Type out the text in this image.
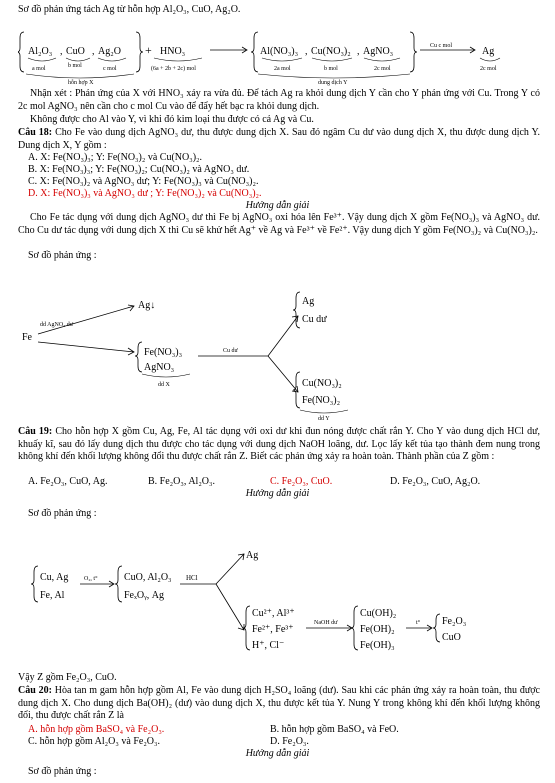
Sơ đồ phản ứng tách Ag từ hỗn hợp Al₂O₃, CuO, Ag₂O.

Al₂O₃ , CuO , Ag₂O
a mol	b mol	c mol
hỗn hợp X
+ HNO₃
(6a + 2b + 2c) mol
Al(NO₃)₃ , Cu(NO₃)₂ , AgNO₃
2a mol	b mol	2c mol
dung dịch Y
Cu c mol	Ag
2c mol

Nhận xét : Phản ứng của X với HNO₃ xảy ra vừa đủ. Để tách Ag ra khỏi dung dịch Y cần cho Y phản ứng với Cu. Trong Y có 2c mol AgNO₃ nên cần cho c mol Cu vào để đẩy hết bạc ra khỏi dung dịch.

Không được cho Al vào Y, vì khi đó kim loại thu được có cả Ag và Cu.

Câu 18: Cho Fe vào dung dịch AgNO₃ dư, thu được dung dịch X. Sau đó ngâm Cu dư vào dung dịch X, thu được dung dịch Y. Dung dịch X, Y gồm :

A. X: Fe(NO₃)₃; Y: Fe(NO₃)₂ và Cu(NO₃)₂.

B. X: Fe(NO₃)₃; Y: Fe(NO₃)₂; Cu(NO₃)₂ và AgNO₃ dư.

C. X: Fe(NO₃)₂ và AgNO₃ dư; Y: Fe(NO₃)₃ và Cu(NO₃)₂.

D. X: Fe(NO₃)₃ và AgNO₃ dư ; Y: Fe(NO₃)₂ và Cu(NO₃)₂.

Hướng dẫn giải

Cho Fe tác dụng với dung dịch AgNO₃ dư thì Fe bị AgNO₃ oxi hóa lên Fe³⁺. Vậy dung dịch X gồm Fe(NO₃)₃ và AgNO₃ dư. Cho Cu dư tác dụng với dung dịch X thì Cu sẽ khử hết Ag⁺ về Ag và Fe³⁺ về Fe²⁺. Vậy dung dịch Y gồm Fe(NO₃)₂ và Cu(NO₃)₂.

Sơ đồ phản ứng :

Fe
dd AgNO₃ dư
Ag↓
Fe(NO₃)₃
AgNO₃
dd X
Cu dư
Ag
Cu dư
Cu(NO₃)₂
Fe(NO₃)₂
dd Y

Câu 19: Cho hỗn hợp X gồm Cu, Ag, Fe, Al tác dụng với oxi dư khi đun nóng được chất rắn Y. Cho Y vào dung dịch HCl dư, khuấy kĩ, sau đó lấy dung dịch thu được cho tác dụng với dung dịch NaOH loãng, dư. Lọc lấy kết tủa tạo thành đem nung trong không khí đến khối lượng không đổi thu được chất rắn Z. Biết các phản ứng xảy ra hoàn toàn. Thành phần của Z gồm :

A. Fe₂O₃, CuO, Ag.	B. Fe₂O₃, Al₂O₃.	C. Fe₂O₃, CuO.	D. Fe₂O₃, CuO, Ag₂O.

Hướng dẫn giải

Sơ đồ phản ứng :

Cu, Ag
Fe, Al
O₂, t°	CuO, Al₂O₃
FeₓOᵧ, Ag
HCl
Ag
Cu²⁺, Al³⁺
Fe²⁺, Fe³⁺
H⁺, Cl⁻
NaOH dư
Cu(OH)₂
Fe(OH)₂
Fe(OH)₃
t° Fe₂O₃
CuO

Vậy Z gồm Fe₂O₃, CuO.

Câu 20: Hòa tan m gam hỗn hợp gồm Al, Fe vào dung dịch H₂SO₄ loãng (dư). Sau khi các phản ứng xảy ra hoàn toàn, thu được dung dịch X. Cho dung dịch Ba(OH)₂ (dư) vào dung dịch X, thu được kết tủa Y. Nung Y trong không khí đến khối lượng không đổi, thu được chất rắn Z là

A. hỗn hợp gồm BaSO₄ và Fe₂O₃.	B. hỗn hợp gồm BaSO₄ và FeO.

C. hỗn hợp gồm Al₂O₃ và Fe₂O₃.	D. Fe₂O₃.

Hướng dẫn giải

Sơ đồ phản ứng :
